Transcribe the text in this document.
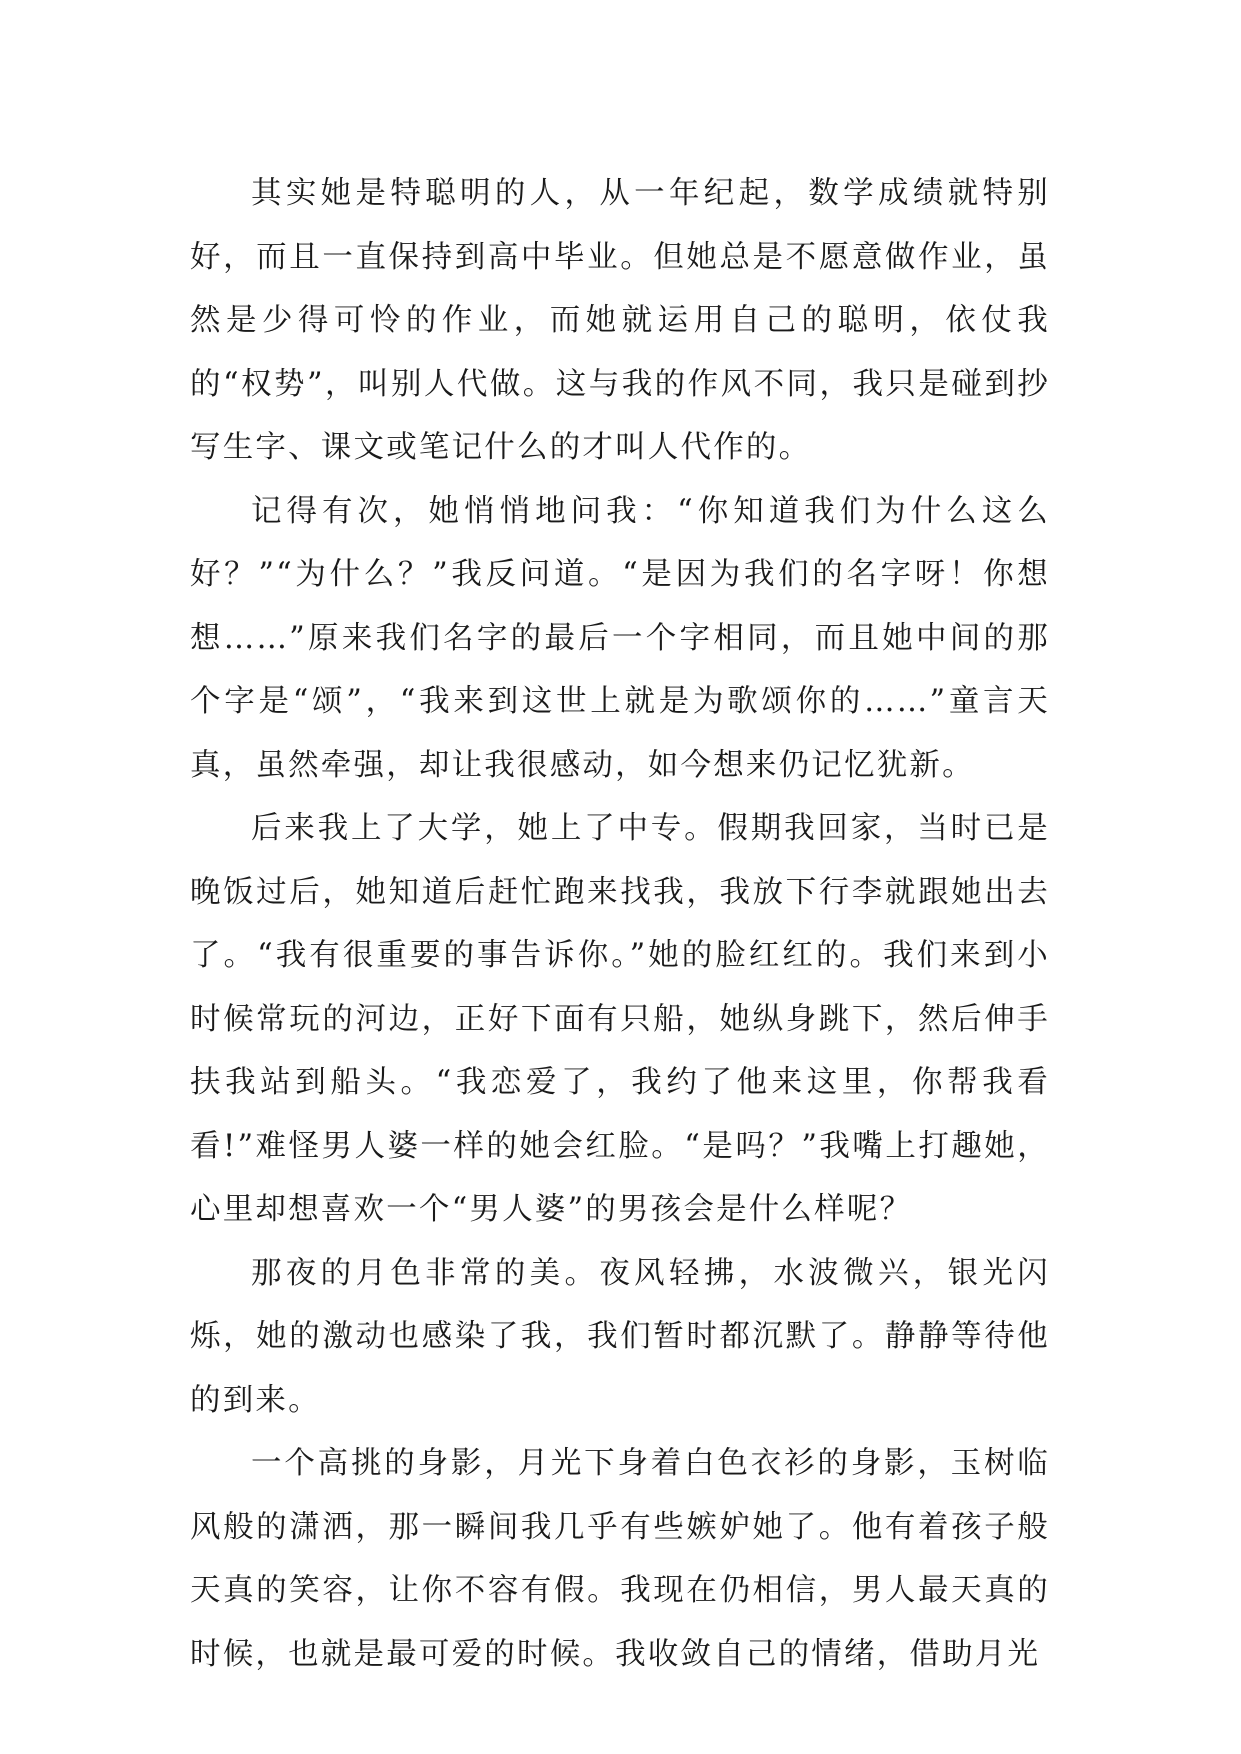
其实她是特聪明的人，从一年纪起，数学成绩就特别好，而且一直保持到高中毕业。但她总是不愿意做作业，虽然是少得可怜的作业，而她就运用自己的聪明，依仗我的“权势”，叫别人代做。这与我的作风不同，我只是碰到抄写生字、课文或笔记什么的才叫人代作的。

记得有次，她悄悄地问我：“你知道我们为什么这么好？”“为什么？”我反问道。“是因为我们的名字呀！你想想……”原来我们名字的最后一个字相同，而且她中间的那个字是“颂”，“我来到这世上就是为歌颂你的……”童言天真，虽然牵强，却让我很感动，如今想来仍记忆犹新。

后来我上了大学，她上了中专。假期我回家，当时已是晚饭过后，她知道后赶忙跑来找我，我放下行李就跟她出去了。“我有很重要的事告诉你。”她的脸红红的。我们来到小时候常玩的河边，正好下面有只船，她纵身跳下，然后伸手扶我站到船头。“我恋爱了，我约了他来这里，你帮我看看!”难怪男人婆一样的她会红脸。“是吗？”我嘴上打趣她，心里却想喜欢一个“男人婆”的男孩会是什么样呢？

那夜的月色非常的美。夜风轻拂，水波微兴，银光闪烁，她的激动也感染了我，我们暂时都沉默了。静静等待他的到来。

一个高挑的身影，月光下身着白色衣衫的身影，玉树临风般的潇洒，那一瞬间我几乎有些嫉妒她了。他有着孩子般天真的笑容，让你不容有假。我现在仍相信，男人最天真的时候，也就是最可爱的时候。我收敛自己的情绪，借助月光
